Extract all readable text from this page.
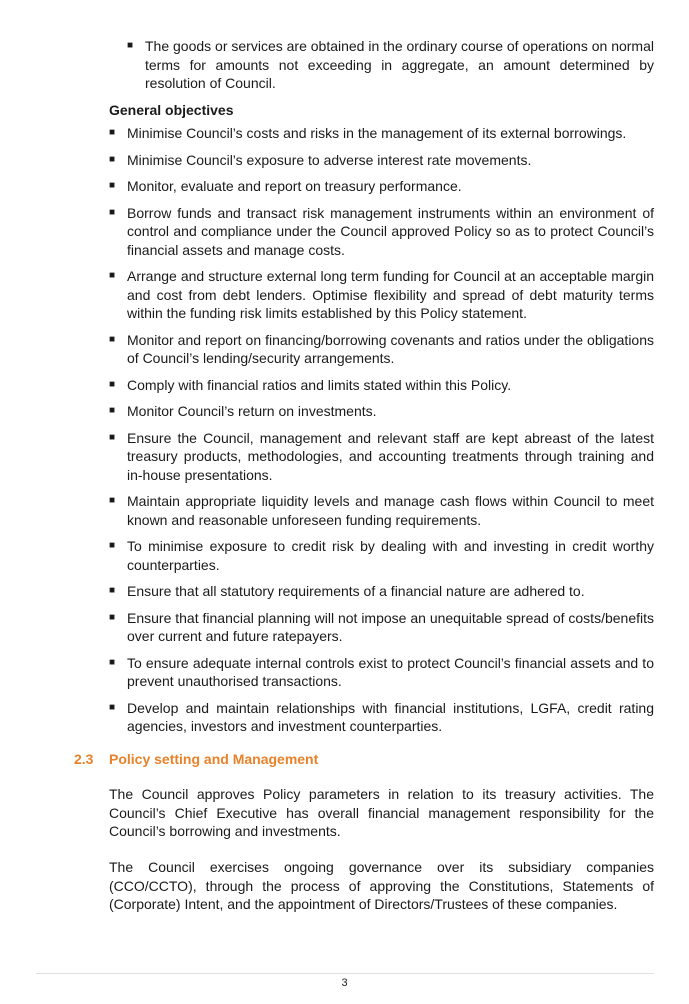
■ The goods or services are obtained in the ordinary course of operations on normal terms for amounts not exceeding in aggregate, an amount determined by resolution of Council.
General objectives
■ Minimise Council’s costs and risks in the management of its external borrowings.
■ Minimise Council’s exposure to adverse interest rate movements.
■ Monitor, evaluate and report on treasury performance.
■ Borrow funds and transact risk management instruments within an environment of control and compliance under the Council approved Policy so as to protect Council’s financial assets and manage costs.
■ Arrange and structure external long term funding for Council at an acceptable margin and cost from debt lenders. Optimise flexibility and spread of debt maturity terms within the funding risk limits established by this Policy statement.
■ Monitor and report on financing/borrowing covenants and ratios under the obligations of Council’s lending/security arrangements.
■ Comply with financial ratios and limits stated within this Policy.
■ Monitor Council’s return on investments.
■ Ensure the Council, management and relevant staff are kept abreast of the latest treasury products, methodologies, and accounting treatments through training and in-house presentations.
■ Maintain appropriate liquidity levels and manage cash flows within Council to meet known and reasonable unforeseen funding requirements.
■ To minimise exposure to credit risk by dealing with and investing in credit worthy counterparties.
■ Ensure that all statutory requirements of a financial nature are adhered to.
■ Ensure that financial planning will not impose an unequitable spread of costs/benefits over current and future ratepayers.
■ To ensure adequate internal controls exist to protect Council’s financial assets and to prevent unauthorised transactions.
■ Develop and maintain relationships with financial institutions, LGFA, credit rating agencies, investors and investment counterparties.
2.3 Policy setting and Management

The Council approves Policy parameters in relation to its treasury activities. The Council’s Chief Executive has overall financial management responsibility for the Council’s borrowing and investments.

The Council exercises ongoing governance over its subsidiary companies (CCO/CCTO), through the process of approving the Constitutions, Statements of (Corporate) Intent, and the appointment of Directors/Trustees of these companies.

3
